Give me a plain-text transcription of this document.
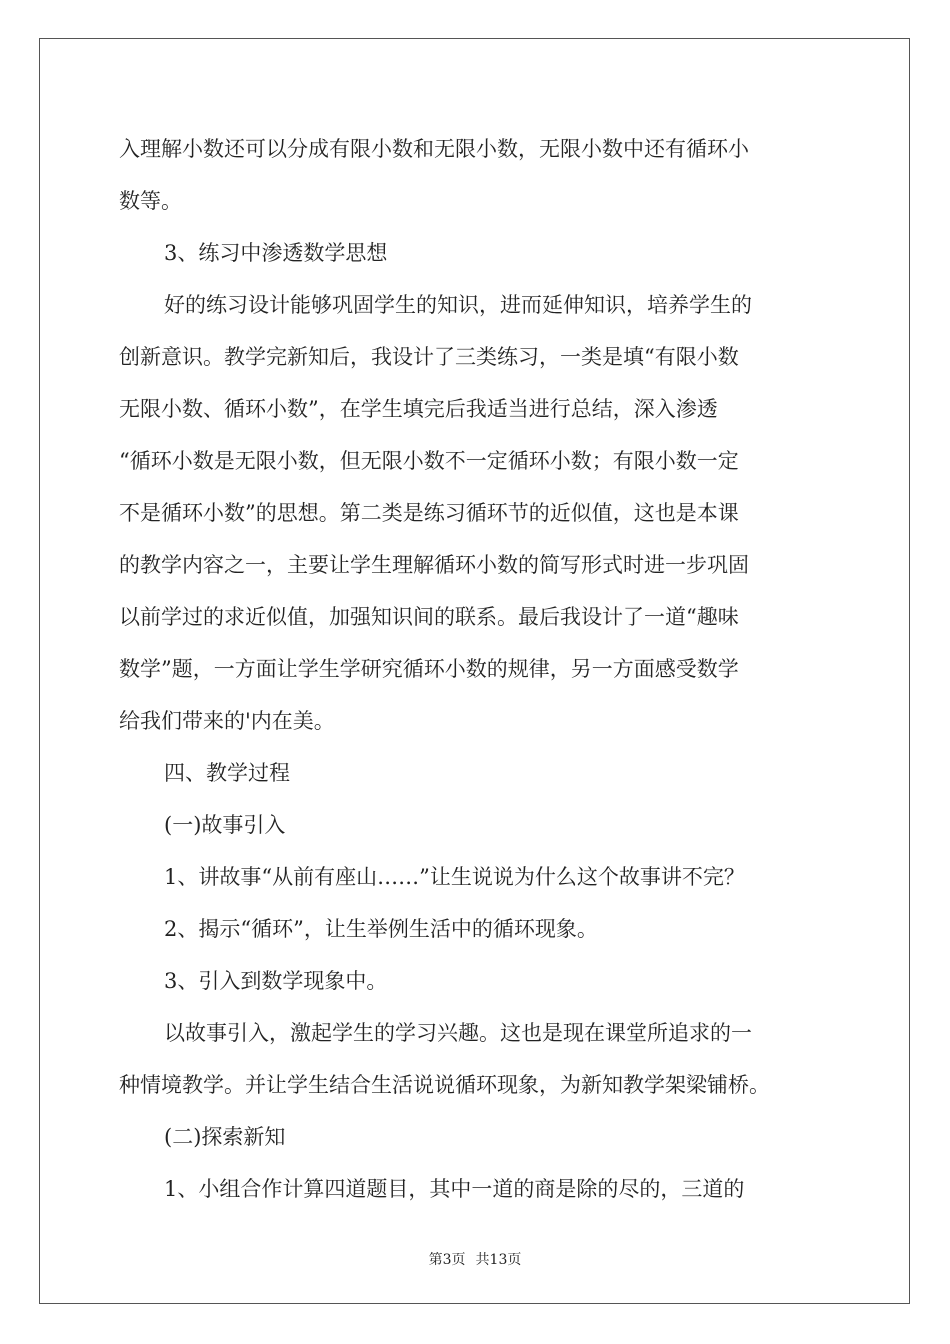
入理解小数还可以分成有限小数和无限小数，无限小数中还有循环小
数等。
3、练习中渗透数学思想
好的练习设计能够巩固学生的知识，进而延伸知识，培养学生的
创新意识。教学完新知后，我设计了三类练习，一类是填“有限小数
无限小数、循环小数”，在学生填完后我适当进行总结，深入渗透
“循环小数是无限小数，但无限小数不一定循环小数；有限小数一定
不是循环小数”的思想。第二类是练习循环节的近似值，这也是本课
的教学内容之一，主要让学生理解循环小数的简写形式时进一步巩固
以前学过的求近似值，加强知识间的联系。最后我设计了一道“趣味
数学”题，一方面让学生学研究循环小数的规律，另一方面感受数学
给我们带来的'内在美。
四、教学过程
(一)故事引入
1、讲故事“从前有座山……”让生说说为什么这个故事讲不完？
2、揭示“循环”，让生举例生活中的循环现象。
3、引入到数学现象中。
以故事引入，激起学生的学习兴趣。这也是现在课堂所追求的一
种情境教学。并让学生结合生活说说循环现象，为新知教学架梁铺桥。
(二)探索新知
1、小组合作计算四道题目，其中一道的商是除的尽的，三道的
第3页 共13页
